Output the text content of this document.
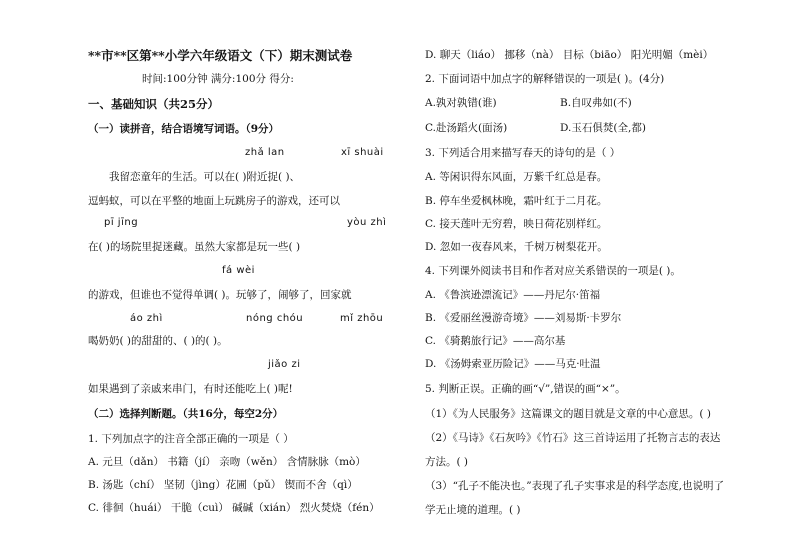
**市**区第**小学六年级语文（下）期末测试卷
时间:100分钟 满分:100分 得分:
一、基础知识（共25分）
（一）读拼音，结合语境写词语。（9分）
zhǎ lan	xī shuài
我留恋童年的生活。可以在( )附近捉( )、
逗蚂蚁，可以在平整的地面上玩跳房子的游戏，还可以
pī jīng	yòu zhì
在( )的场院里捉迷藏。虽然大家都是玩一些( )
fá wèi
的游戏，但谁也不觉得单调( )。玩够了，闹够了，回家就
áo zhì	nóng chóu	mǐ zhōu
喝奶奶( )的甜甜的、( )的( )。
jiǎo zi
如果遇到了亲戚来串门，有时还能吃上( )呢!
（二）选择判断题。（共16分，每空2分）
1. 下列加点字的注音全部正确的一项是（ ）
A. 元旦（dǎn） 书籍（jí） 亲吻（wěn） 含情脉脉（mò）
B. 汤匙（chí） 坚韧（jìng）花圃（pǔ） 锲而不舍（qì）
C. 徘徊（huái） 干脆（cuì） 碱碱（xián） 烈火焚烧（fén）
D. 聊天（liáo） 挪移（nà） 目标（biāo） 阳光明媚（mèi）
2. 下面词语中加点字的解释错误的一项是( )。(4分)
A.孰对孰错(谁)	B.自叹弗如(不)
C.赴汤蹈火(面汤)	D.玉石俱焚(全,都)
3. 下列适合用来描写春天的诗句的是（ ）
A. 等闲识得东风面，万紫千红总是春。
B. 停车坐爱枫林晚，霜叶红于二月花。
C. 接天莲叶无穷碧，映日荷花别样红。
D. 忽如一夜春风来，千树万树梨花开。
4. 下列课外阅读书目和作者对应关系错误的一项是( )。
A. 《鲁滨逊漂流记》——丹尼尔·笛福
B. 《爱丽丝漫游奇境》——刘易斯·卡罗尔
C. 《骑鹅旅行记》——高尔基
D. 《汤姆索亚历险记》——马克·吐温
5. 判断正误。正确的画“√”,错误的画“×”。
（1）《为人民服务》这篇课文的题目就是文章的中心意思。( )
（2）《马诗》《石灰吟》《竹石》这三首诗运用了托物言志的表达
方法。( )
（3）“孔子不能决也。”表现了孔子实事求是的科学态度,也说明了
学无止境的道理。( )
